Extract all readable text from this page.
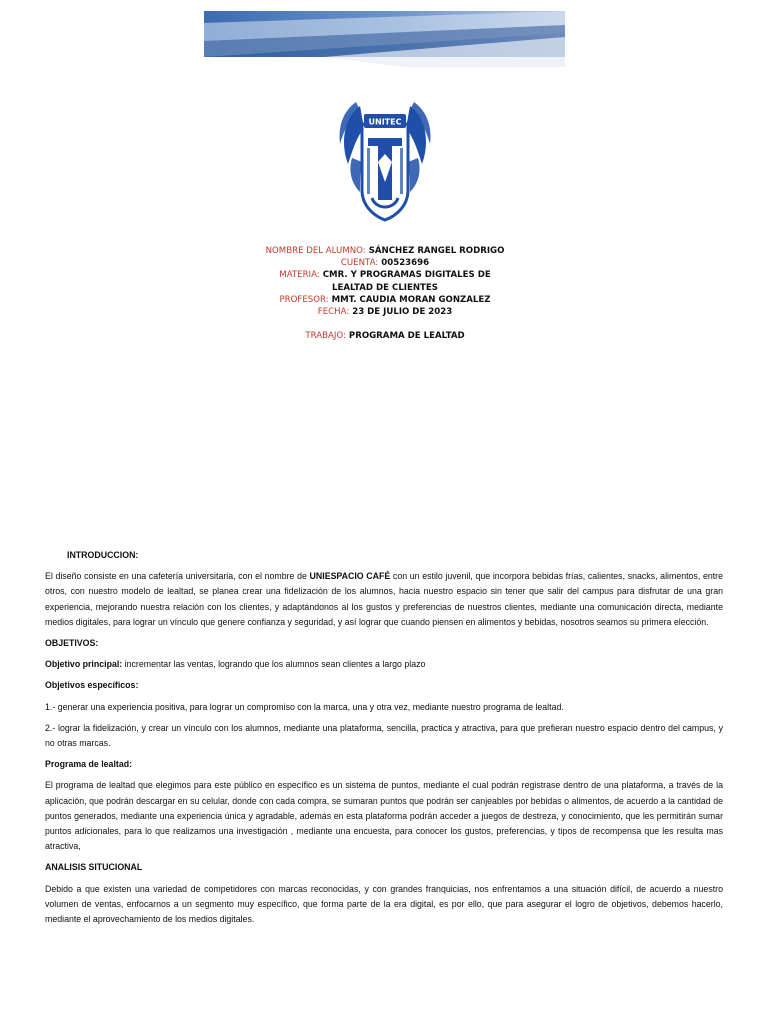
UNITEC
NOMBRE DEL ALUMNO: SÁNCHEZ RANGEL RODRIGO
CUENTA: 00523696
MATERIA: CMR. Y PROGRAMAS DIGITALES DE LEALTAD DE CLIENTES
PROFESOR: MMT. CAUDIA MORAN GONZALEZ
FECHA: 23 DE JULIO DE 2023
TRABAJO: PROGRAMA DE LEALTAD
INTRODUCCION:

El diseño consiste en una cafetería universitaria, con el nombre de UNIESPACIO CAFÉ con un estilo juvenil, que incorpora bebidas frías, calientes, snacks, alimentos, entre otros, con nuestro modelo de lealtad, se planea crear una fidelización de los alumnos, hacia nuestro espacio sin tener que salir del campus para disfrutar de una gran experiencia, mejorando nuestra relación con los clientes, y adaptándonos al los gustos y preferencias de nuestros clientes, mediante una comunicación directa, mediante medios digitales, para lograr un vínculo que genere confianza y seguridad, y así lograr que cuando piensen en alimentos y bebidas, nosotros seamos su primera elección.

OBJETIVOS:

Objetivo principal: incrementar las ventas, logrando que los alumnos sean clientes a largo plazo

Objetivos específicos:

1.- generar una experiencia positiva, para lograr un compromiso con la marca, una y otra vez, mediante nuestro programa de lealtad.

2.- lograr la fidelización, y crear un vínculo con los alumnos, mediante una plataforma, sencilla, practica y atractiva, para que prefieran nuestro espacio dentro del campus, y no otras marcas.

Programa de lealtad:

El programa de lealtad que elegimos para este público en específico es un sistema de puntos, mediante el cual podrán registrase dentro de una plataforma, a través de la aplicación, que podrán descargar en su celular, donde con cada compra, se sumaran puntos que podrán ser canjeables por bebidas o alimentos, de acuerdo a la cantidad de puntos generados, mediante una experiencia única y agradable, además en esta plataforma podrán acceder a juegos de destreza, y conocimiento, que les permitirán sumar puntos adicionales, para lo que realizamos una investigación , mediante una encuesta, para conocer los gustos, preferencias, y tipos de recompensa que les resulta mas atractiva,

ANALISIS SITUCIONAL

Debido a que existen una variedad de competidores con marcas reconocidas, y con grandes franquicias, nos enfrentamos a una situación difícil, de acuerdo a nuestro volumen de ventas, enfocarnos a un segmento muy específico, que forma parte de la era digital, es por ello, que para asegurar el logro de objetivos, debemos hacerlo, mediante el aprovechamiento de los medios digitales.
